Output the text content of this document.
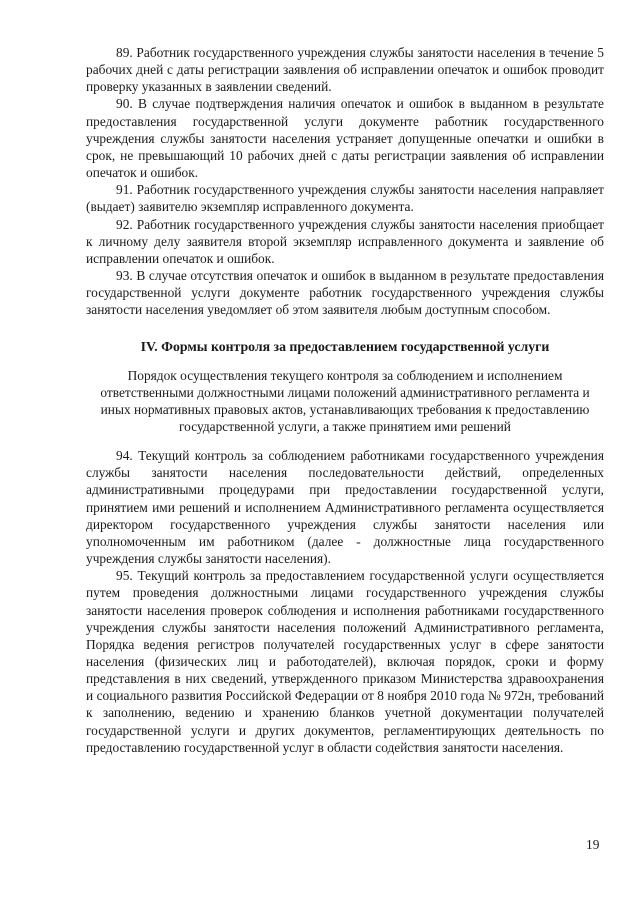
89. Работник государственного учреждения службы занятости населения в течение 5 рабочих дней с даты регистрации заявления об исправлении опечаток и ошибок проводит проверку указанных в заявлении сведений.

90. В случае подтверждения наличия опечаток и ошибок в выданном в результате предоставления государственной услуги документе работник государственного учреждения службы занятости населения устраняет допущенные опечатки и ошибки в срок, не превышающий 10 рабочих дней с даты регистрации заявления об исправлении опечаток и ошибок.

91. Работник государственного учреждения службы занятости населения направляет (выдает) заявителю экземпляр исправленного документа.

92. Работник государственного учреждения службы занятости населения приобщает к личному делу заявителя второй экземпляр исправленного документа и заявление об исправлении опечаток и ошибок.

93. В случае отсутствия опечаток и ошибок в выданном в результате предоставления государственной услуги документе работник государственного учреждения службы занятости населения уведомляет об этом заявителя любым доступным способом.

IV. Формы контроля за предоставлением государственной услуги

Порядок осуществления текущего контроля за соблюдением и исполнением ответственными должностными лицами положений административного регламента и иных нормативных правовых актов, устанавливающих требования к предоставлению государственной услуги, а также принятием ими решений

94. Текущий контроль за соблюдением работниками государственного учреждения службы занятости населения последовательности действий, определенных административными процедурами при предоставлении государственной услуги, принятием ими решений и исполнением Административного регламента осуществляется директором государственного учреждения службы занятости населения или уполномоченным им работником (далее - должностные лица государственного учреждения службы занятости населения).

95. Текущий контроль за предоставлением государственной услуги осуществляется путем проведения должностными лицами государственного учреждения службы занятости населения проверок соблюдения и исполнения работниками государственного учреждения службы занятости населения положений Административного регламента, Порядка ведения регистров получателей государственных услуг в сфере занятости населения (физических лиц и работодателей), включая порядок, сроки и форму представления в них сведений, утвержденного приказом Министерства здравоохранения и социального развития Российской Федерации от 8 ноября 2010 года № 972н, требований к заполнению, ведению и хранению бланков учетной документации получателей государственной услуги и других документов, регламентирующих деятельность по предоставлению государственной услуг в области содействия занятости населения.

19
